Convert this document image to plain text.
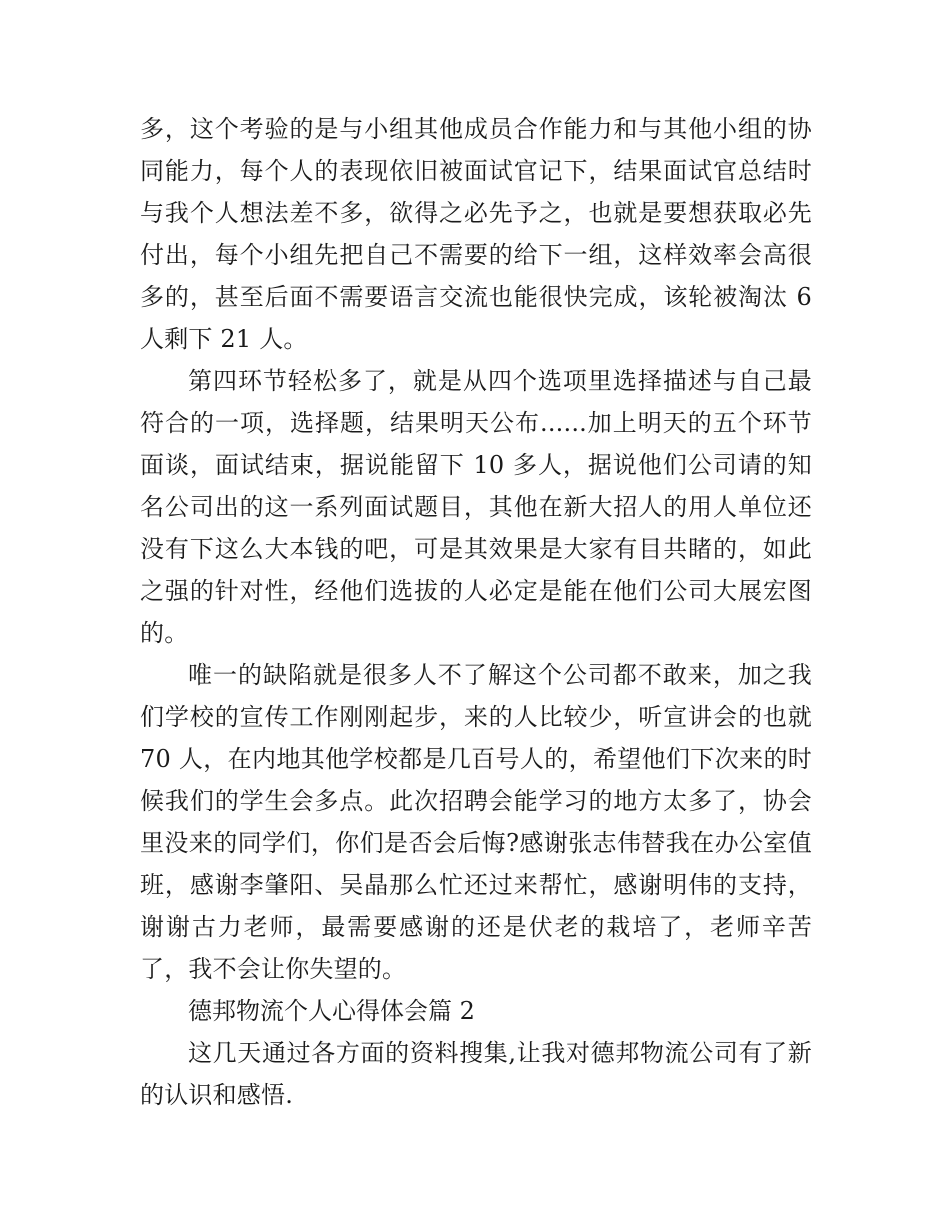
多，这个考验的是与小组其他成员合作能力和与其他小组的协同能力，每个人的表现依旧被面试官记下，结果面试官总结时与我个人想法差不多，欲得之必先予之，也就是要想获取必先付出，每个小组先把自己不需要的给下一组，这样效率会高很多的，甚至后面不需要语言交流也能很快完成，该轮被淘汰 6 人剩下 21 人。

第四环节轻松多了，就是从四个选项里选择描述与自己最符合的一项，选择题，结果明天公布......加上明天的五个环节面谈，面试结束，据说能留下 10 多人，据说他们公司请的知名公司出的这一系列面试题目，其他在新大招人的用人单位还没有下这么大本钱的吧，可是其效果是大家有目共睹的，如此之强的针对性，经他们选拔的人必定是能在他们公司大展宏图的。

唯一的缺陷就是很多人不了解这个公司都不敢来，加之我们学校的宣传工作刚刚起步，来的人比较少，听宣讲会的也就 70 人，在内地其他学校都是几百号人的，希望他们下次来的时候我们的学生会多点。此次招聘会能学习的地方太多了，协会里没来的同学们，你们是否会后悔?感谢张志伟替我在办公室值班，感谢李肇阳、吴晶那么忙还过来帮忙，感谢明伟的支持，谢谢古力老师，最需要感谢的还是伏老的栽培了，老师辛苦了，我不会让你失望的。

德邦物流个人心得体会篇 2

这几天通过各方面的资料搜集,让我对德邦物流公司有了新的认识和感悟.
